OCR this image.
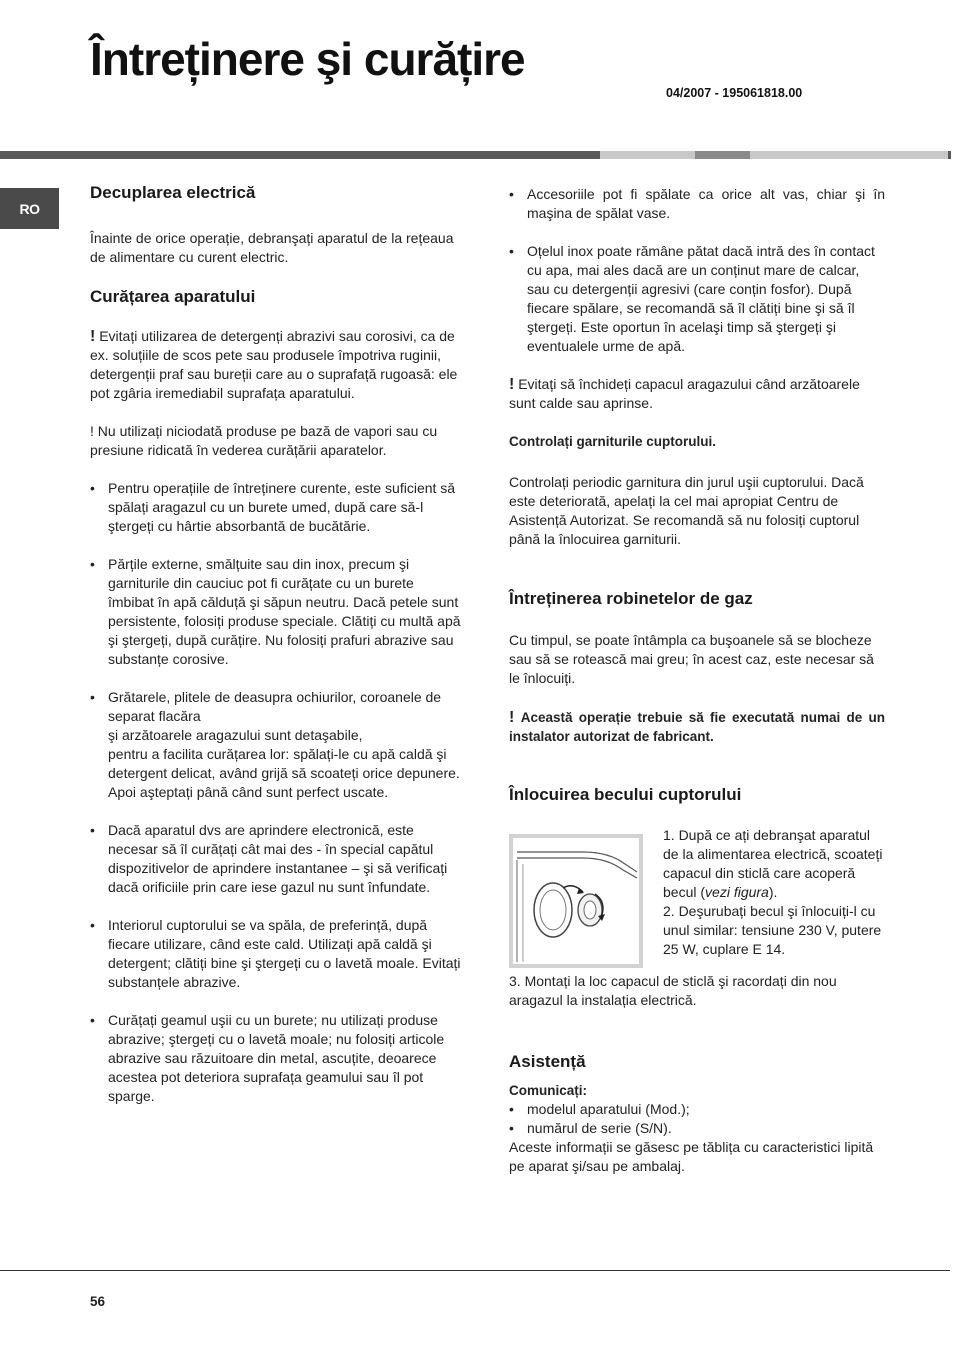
Întreținere şi curățire
04/2007 - 195061818.00
RO
Decuplarea electrică

Înainte de orice operație, debranşați aparatul de la rețeaua de alimentare cu curent electric.

Curățarea aparatului

! Evitați utilizarea de detergenți abrazivi sau corosivi, ca de ex. soluțiile de scos pete sau produsele împotriva ruginii, detergenții praf sau bureții care au o suprafață rugoasă: ele pot zgâria iremediabil suprafața aparatului.

! Nu utilizați niciodată produse pe bază de vapori sau cu presiune ridicată în vederea curățării aparatelor.

• Pentru operațiile de întreținere curente, este suficient să spălați aragazul cu un burete umed, după care să-l ştergeți cu hârtie absorbantă de bucătărie.
• Părțile externe, smălțuite sau din inox, precum şi garniturile din cauciuc pot fi curățate cu un burete îmbibat în apă călduță şi săpun neutru. Dacă petele sunt persistente, folosiți produse speciale. Clătiți cu multă apă şi ştergeți, după curățire. Nu folosiți prafuri abrazive sau substanțe corosive.
• Grătarele, plitele de deasupra ochiurilor, coroanele de separat flacăra
şi arzătoarele aragazului sunt detaşabile,
pentru a facilita curățarea lor: spălați-le cu apă caldă şi detergent delicat, având grijă să scoateți orice depunere. Apoi aşteptați până când sunt perfect uscate.
• Dacă aparatul dvs are aprindere electronică, este necesar să îl curățați cât mai des - în special capătul dispozitivelor de aprindere instantanee – şi să verificați dacă orificiile prin care iese gazul nu sunt înfundate.
• Interiorul cuptorului se va spăla, de preferință, după fiecare utilizare, când este cald. Utilizați apă caldă şi detergent; clătiți bine şi ştergeți cu o lavetă moale. Evitați substanțele abrazive.
• Curățați geamul uşii cu un burete; nu utilizați produse abrazive; ştergeți cu o lavetă moale; nu folosiți articole abrazive sau răzuitoare din metal, ascuțite, deoarece acestea pot deteriora suprafața geamului sau îl pot sparge.
• Accesoriile pot fi spălate ca orice alt vas, chiar şi în maşina de spălat vase.
• Oțelul inox poate rămâne pătat dacă intră des în contact cu apa, mai ales dacă are un conținut mare de calcar, sau cu detergenții agresivi (care conțin fosfor). După fiecare spălare, se recomandă să îl clătiți bine şi să îl ştergeți. Este oportun în acelaşi timp să ştergeți şi eventualele urme de apă.

! Evitați să închideți capacul aragazului când arzătoarele sunt calde sau aprinse.

Controlați garniturile cuptorului.

Controlați periodic garnitura din jurul uşii cuptorului. Dacă este deteriorată, apelați la cel mai apropiat Centru de Asistență Autorizat. Se recomandă să nu folosiți cuptorul până la înlocuirea garniturii.

Întreținerea robinetelor de gaz

Cu timpul, se poate întâmpla ca buşoanele să se blocheze sau să se rotească mai greu; în acest caz, este necesar să le înlocuiți.

! Această operație trebuie să fie executată numai de un instalator autorizat de fabricant.

Înlocuirea becului cuptorului

1. După ce ați debranşat aparatul de la alimentarea electrică, scoateți capacul din sticlă care acoperă becul (vezi figura).

2. Deşurubați becul şi înlocuiți-l cu unul similar: tensiune 230 V, putere 25 W, cuplare E 14.

3. Montați la loc capacul de sticlă şi racordați din nou aragazul la instalația electrică.

Asistență

Comunicați:

• modelul aparatului (Mod.);
• numărul de serie (S/N).

Aceste informații se găsesc pe tăblița cu caracteristici lipită pe aparat şi/sau pe ambalaj.

56
